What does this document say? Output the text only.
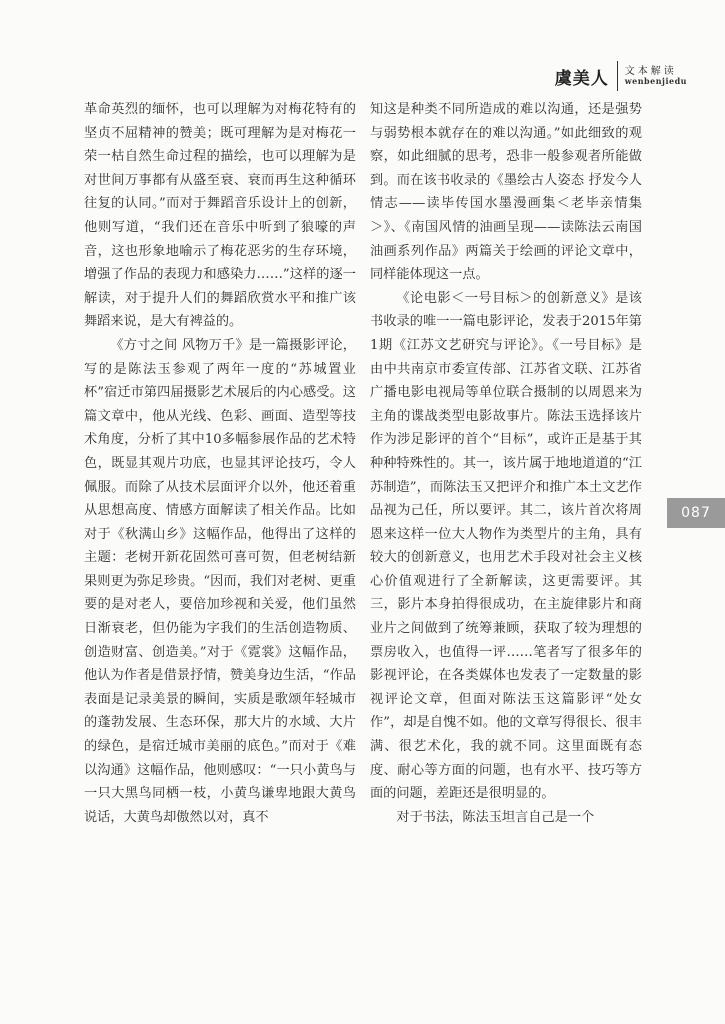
虞美人	文本解读
wenbenjiedu

革命英烈的缅怀，也可以理解为对梅花特有的坚贞不屈精神的赞美；既可理解为是对梅花一荣一枯自然生命过程的描绘，也可以理解为是对世间万事都有从盛至衰、衰而再生这种循环往复的认同。”而对于舞蹈音乐设计上的创新，他则写道，“我们还在音乐中听到了狼嚎的声音，这也形象地喻示了梅花恶劣的生存环境，增强了作品的表现力和感染力……”这样的逐一解读，对于提升人们的舞蹈欣赏水平和推广该舞蹈来说，是大有裨益的。

《方寸之间 风物万千》是一篇摄影评论，写的是陈法玉参观了两年一度的“苏城置业杯”宿迁市第四届摄影艺术展后的内心感受。这篇文章中，他从光线、色彩、画面、造型等技术角度，分析了其中10多幅参展作品的艺术特色，既显其观片功底，也显其评论技巧，令人佩服。而除了从技术层面评介以外，他还着重从思想高度、情感方面解读了相关作品。比如对于《秋满山乡》这幅作品，他得出了这样的主题：老树开新花固然可喜可贺，但老树结新果则更为弥足珍贵。“因而，我们对老树、更重要的是对老人，要倍加珍视和关爱，他们虽然日渐衰老，但仍能为字我们的生活创造物质、创造财富、创造美。”对于《霓裳》这幅作品，他认为作者是借景抒情，赞美身边生活，“作品表面是记录美景的瞬间，实质是歌颂年轻城市的蓬勃发展、生态环保，那大片的水域、大片的绿色，是宿迁城市美丽的底色。”而对于《难以沟通》这幅作品，他则感叹：“一只小黄鸟与一只大黑鸟同栖一枝，小黄鸟谦卑地跟大黄鸟说话，大黄鸟却傲然以对，真不

知这是种类不同所造成的难以沟通，还是强势与弱势根本就存在的难以沟通。”如此细致的观察，如此细腻的思考，恐非一般参观者所能做到。而在该书收录的《墨绘古人姿态 抒发今人情志——读毕传国水墨漫画集＜老毕亲情集＞》、《南国风情的油画呈现——读陈法云南国油画系列作品》两篇关于绘画的评论文章中，同样能体现这一点。

《论电影＜一号目标＞的创新意义》是该书收录的唯一一篇电影评论，发表于2015年第1期《江苏文艺研究与评论》。《一号目标》是由中共南京市委宣传部、江苏省文联、江苏省广播电影电视局等单位联合摄制的以周恩来为主角的谍战类型电影故事片。陈法玉选择该片作为涉足影评的首个“目标”，或许正是基于其种种特殊性的。其一，该片属于地地道道的“江苏制造”，而陈法玉又把评介和推广本土文艺作品视为己任，所以要评。其二，该片首次将周恩来这样一位大人物作为类型片的主角，具有较大的创新意义，也用艺术手段对社会主义核心价值观进行了全新解读，这更需要评。其三，影片本身拍得很成功，在主旋律影片和商业片之间做到了统筹兼顾，获取了较为理想的票房收入，也值得一评……笔者写了很多年的影视评论，在各类媒体也发表了一定数量的影视评论文章，但面对陈法玉这篇影评“处女作”，却是自愧不如。他的文章写得很长、很丰满、很艺术化，我的就不同。这里面既有态度、耐心等方面的问题，也有水平、技巧等方面的问题，差距还是很明显的。

对于书法，陈法玉坦言自己是一个

087
